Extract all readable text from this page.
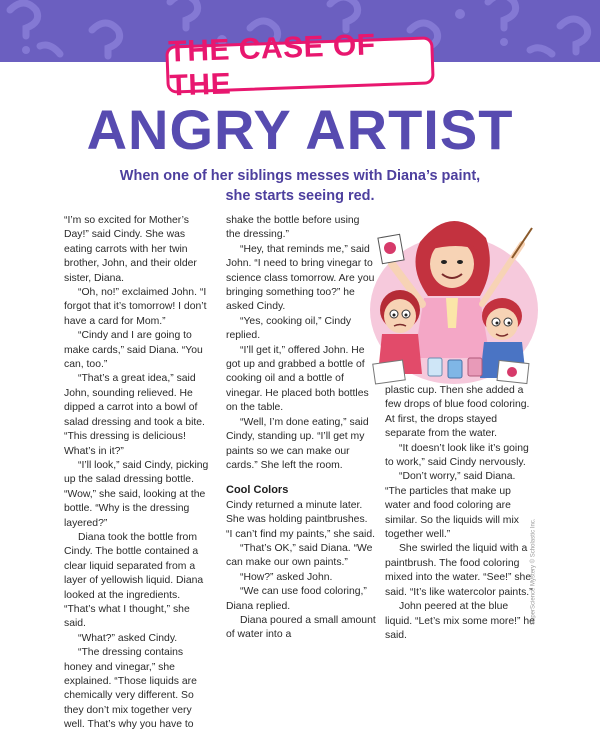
THE CASE OF THE
ANGRY ARTIST
When one of her siblings messes with Diana’s paint,
she starts seeing red.

“I’m so excited for Mother’s Day!” said Cindy. She was eating carrots with her twin brother, John, and their older sister, Diana.

“Oh, no!” exclaimed John. “I forgot that it’s tomorrow! I don’t have a card for Mom.”

“Cindy and I are going to make cards,” said Diana. “You can, too.”

“That’s a great idea,” said John, sounding relieved. He dipped a carrot into a bowl of salad dressing and took a bite. “This dressing is delicious! What’s in it?”

“I’ll look,” said Cindy, picking up the salad dressing bottle. “Wow,” she said, looking at the bottle. “Why is the dressing layered?”

Diana took the bottle from Cindy. The bottle contained a clear liquid separated from a layer of yellowish liquid. Diana looked at the ingredients. “That’s what I thought,” she said.

“What?” asked Cindy.

“The dressing contains honey and vinegar,” she explained. “Those liquids are chemically very different. So they don’t mix together very well. That’s why you have to

shake the bottle before using the dressing.”

“Hey, that reminds me,” said John. “I need to bring vinegar to science class tomorrow. Are you bringing something too?” he asked Cindy.

“Yes, cooking oil,” Cindy replied.

“I’ll get it,” offered John. He got up and grabbed a bottle of cooking oil and a bottle of vinegar. He placed both bottles on the table.

“Well, I’m done eating,” said Cindy, standing up. “I’ll get my paints so we can make our cards.” She left the room.

Cool Colors

Cindy returned a minute later. She was holding paintbrushes. “I can’t find my paints,” she said.

“That’s OK,” said Diana. “We can make our own paints.”

“How?” asked John.

“We can use food coloring,” Diana replied.

Diana poured a small amount of water into a

plastic cup. Then she added a few drops of blue food coloring. At first, the drops stayed separate from the water.

“It doesn’t look like it’s going to work,” said Cindy nervously.

“Don’t worry,” said Diana. “The particles that make up water and food coloring are similar. So the liquids will mix together well.”

She swirled the liquid with a paintbrush. The food coloring mixed into the water. “See!” she said. “It’s like watercolor paints.”

John peered at the blue liquid. “Let’s mix some more!” he said.

SuperScience Mystery © Scholastic Inc.
